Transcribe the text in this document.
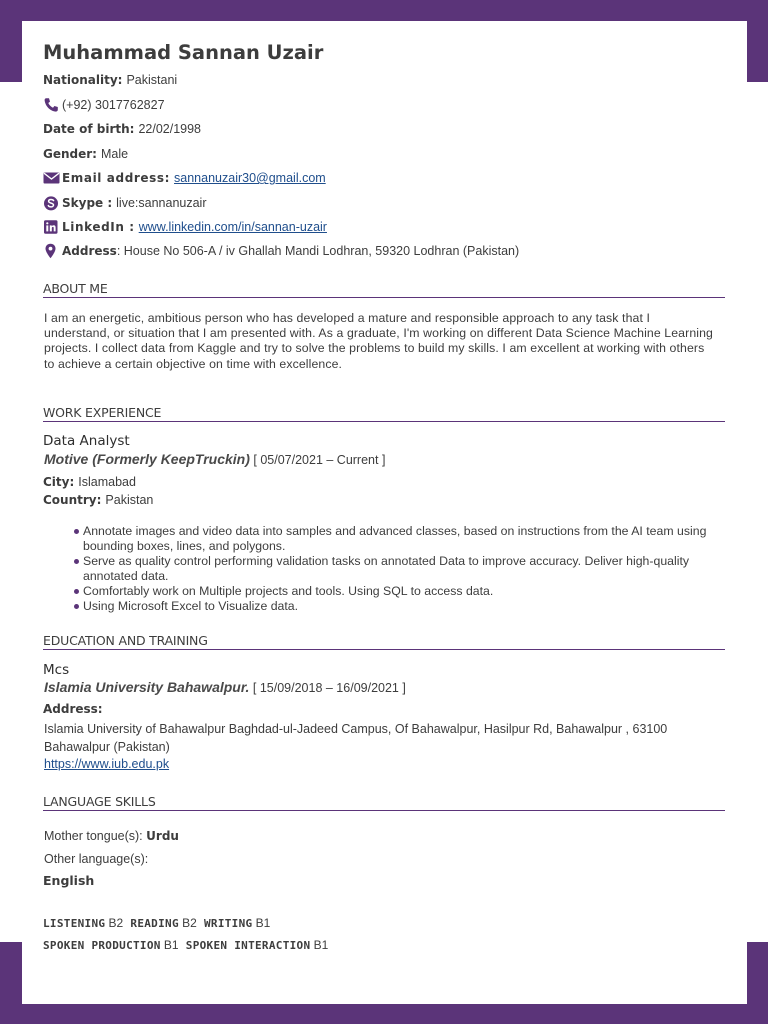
Muhammad Sannan Uzair
Nationality: Pakistani
(+92) 3017762827
Date of birth: 22/02/1998
Gender: Male
Email address: sannanuzair30@gmail.com
Skype : live:sannanuzair
LinkedIn : www.linkedin.com/in/sannan-uzair
Address : House No 506-A / iv Ghallah Mandi Lodhran, 59320 Lodhran (Pakistan)
ABOUT ME
I am an energetic, ambitious person who has developed a mature and responsible approach to any task that I understand, or situation that I am presented with. As a graduate, I'm working on different Data Science Machine Learning projects. I collect data from Kaggle and try to solve the problems to build my skills. I am excellent at working with others to achieve a certain objective on time with excellence.
WORK EXPERIENCE
Data Analyst
Motive (Formerly KeepTruckin) [ 05/07/2021 – Current ]
City: Islamabad
Country: Pakistan
Annotate images and video data into samples and advanced classes, based on instructions from the AI team using bounding boxes, lines, and polygons.
Serve as quality control performing validation tasks on annotated Data to improve accuracy. Deliver high-quality annotated data.
Comfortably work on Multiple projects and tools. Using SQL to access data.
Using Microsoft Excel to Visualize data.
EDUCATION AND TRAINING
Mcs
Islamia University Bahawalpur. [ 15/09/2018 – 16/09/2021 ]
Address:
Islamia University of Bahawalpur Baghdad-ul-Jadeed Campus, Of Bahawalpur, Hasilpur Rd, Bahawalpur , 63100 Bahawalpur (Pakistan)
https://www.iub.edu.pk
LANGUAGE SKILLS
Mother tongue(s): Urdu
Other language(s):
English
LISTENING B2 READING B2 WRITING B1
SPOKEN PRODUCTION B1 SPOKEN INTERACTION B1
